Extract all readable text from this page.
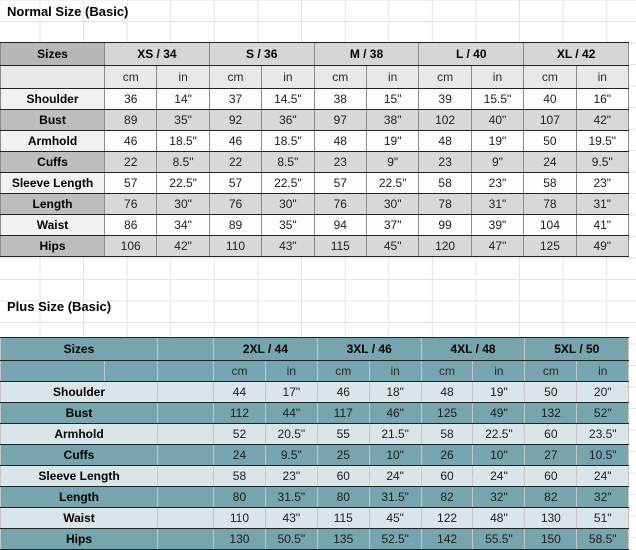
Normal Size (Basic)
Sizes	XS / 34		S / 36		M / 38		L / 40		XL / 42	
	cm	in	cm	in	cm	in	cm	in	cm	in
Shoulder	36	14"	37	14.5"	38	15"	39	15.5"	40	16"
Bust	89	35"	92	36"	97	38"	102	40"	107	42"
Armhold	46	18.5"	46	18.5"	48	19"	48	19"	50	19.5"
Cuffs	22	8.5"	22	8.5"	23	9"	23	9"	24	9.5"
Sleeve Length	57	22.5"	57	22.5"	57	22.5"	58	23"	58	23"
Length	76	30"	76	30"	76	30"	78	31"	78	31"
Waist	86	34"	89	35"	94	37"	99	39"	104	41"
Hips	106	42"	110	43"	115	45"	120	47"	125	49"
Plus Size (Basic)
Sizes			2XL / 44		3XL / 46		4XL / 48		5XL / 50	
			cm	in	cm	in	cm	in	cm	in
Shoulder			44	17"	46	18"	48	19"	50	20"
Bust			112	44"	117	46"	125	49"	132	52"
Armhold			52	20.5"	55	21.5"	58	22.5"	60	23.5"
Cuffs			24	9.5"	25	10"	26	10"	27	10.5"
Sleeve Length			58	23"	60	24"	60	24"	60	24"
Length			80	31.5"	80	31.5"	82	32"	82	32"
Waist			110	43"	115	45"	122	48"	130	51"
Hips			130	50.5"	135	52.5"	142	55.5"	150	58.5"
